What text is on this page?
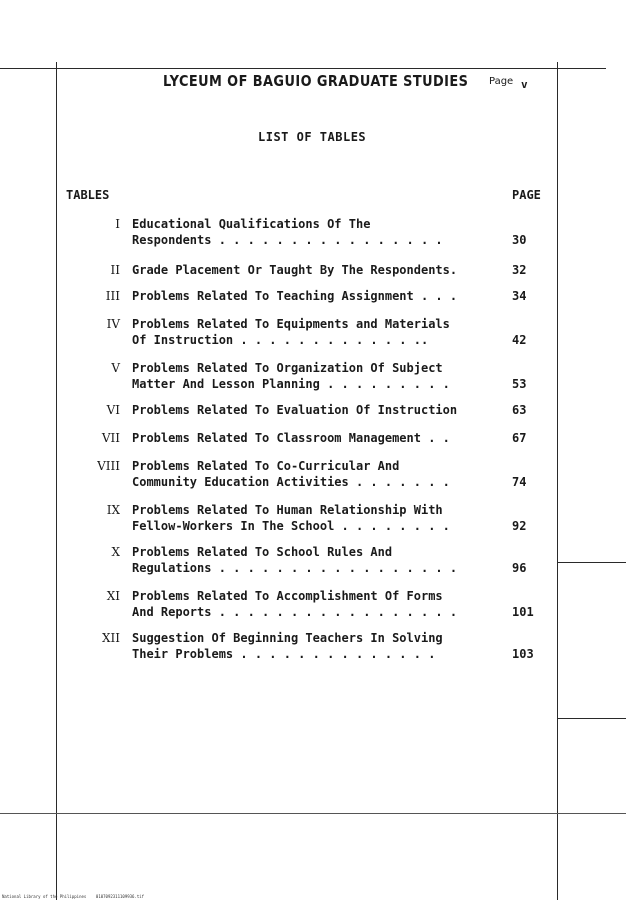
LYCEUM OF BAGUIO GRADUATE STUDIES Page v
LIST OF TABLES
TABLES	PAGE
I Educational Qualifications Of The
Respondents . . . . . . . . . . . . . . . .	30
II Grade Placement Or Taught By The Respondents.	32
III Problems Related To Teaching Assignment . . .	34
IV Problems Related To Equipments and Materials
Of Instruction . . . . . . . . . . . . ..	42
V Problems Related To Organization Of Subject
Matter And Lesson Planning . . . . . . . . .	53
VI Problems Related To Evaluation Of Instruction	63
VII Problems Related To Classroom Management . .	67
VIII Problems Related To Co-Curricular And
Community Education Activities . . . . . . .	74
IX Problems Related To Human Relationship With
Fellow-Workers In The School . . . . . . . .	92
X Problems Related To School Rules And
Regulations . . . . . . . . . . . . . . . . .	96
XI Problems Related To Accomplishment Of Forms
And Reports . . . . . . . . . . . . . . . . .	101
XII Suggestion Of Beginning Teachers In Solving
Their Problems . . . . . . . . . . . . . .	103
National Library of the Philippines    0107092311109936.tif
